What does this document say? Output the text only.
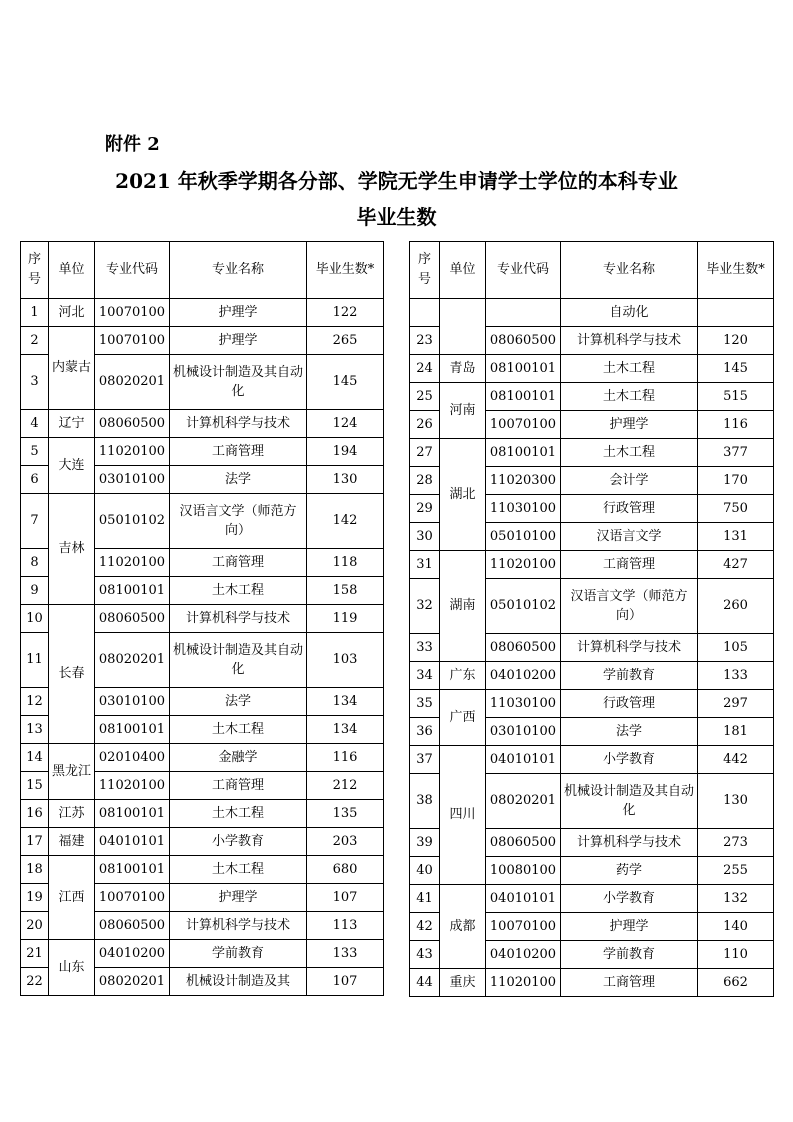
附件 2
2021 年秋季学期各分部、学院无学生申请学士学位的本科专业
毕业生数
序号	单位	专业代码	专业名称	毕业生数*
1	河北	10070100	护理学	122
2	内蒙古	10070100	护理学	265
3		08020201	机械设计制造及其自动化	145
4	辽宁	08060500	计算机科学与技术	124
5	大连	11020100	工商管理	194
6		03010100	法学	130
7	吉林	05010102	汉语言文学（师范方向）	142
8		11020100	工商管理	118
9		08100101	土木工程	158
10	长春	08060500	计算机科学与技术	119
11		08020201	机械设计制造及其自动化	103
12		03010100	法学	134
13		08100101	土木工程	134
14	黑龙江	02010400	金融学	116
15		11020100	工商管理	212
16	江苏	08100101	土木工程	135
17	福建	04010101	小学教育	203
18	江西	08100101	土木工程	680
19		10070100	护理学	107
20		08060500	计算机科学与技术	113
21	山东	04010200	学前教育	133
22		08020201	机械设计制造及其	107
序号	单位	专业代码	专业名称	毕业生数*
			自动化	
23		08060500	计算机科学与技术	120
24	青岛	08100101	土木工程	145
25	河南	08100101	土木工程	515
26		10070100	护理学	116
27	湖北	08100101	土木工程	377
28		11020300	会计学	170
29		11030100	行政管理	750
30		05010100	汉语言文学	131
31	湖南	11020100	工商管理	427
32		05010102	汉语言文学（师范方向）	260
33		08060500	计算机科学与技术	105
34	广东	04010200	学前教育	133
35	广西	11030100	行政管理	297
36		03010100	法学	181
37	四川	04010101	小学教育	442
38		08020201	机械设计制造及其自动化	130
39		08060500	计算机科学与技术	273
40		10080100	药学	255
41	成都	04010101	小学教育	132
42		10070100	护理学	140
43		04010200	学前教育	110
44	重庆	11020100	工商管理	662
